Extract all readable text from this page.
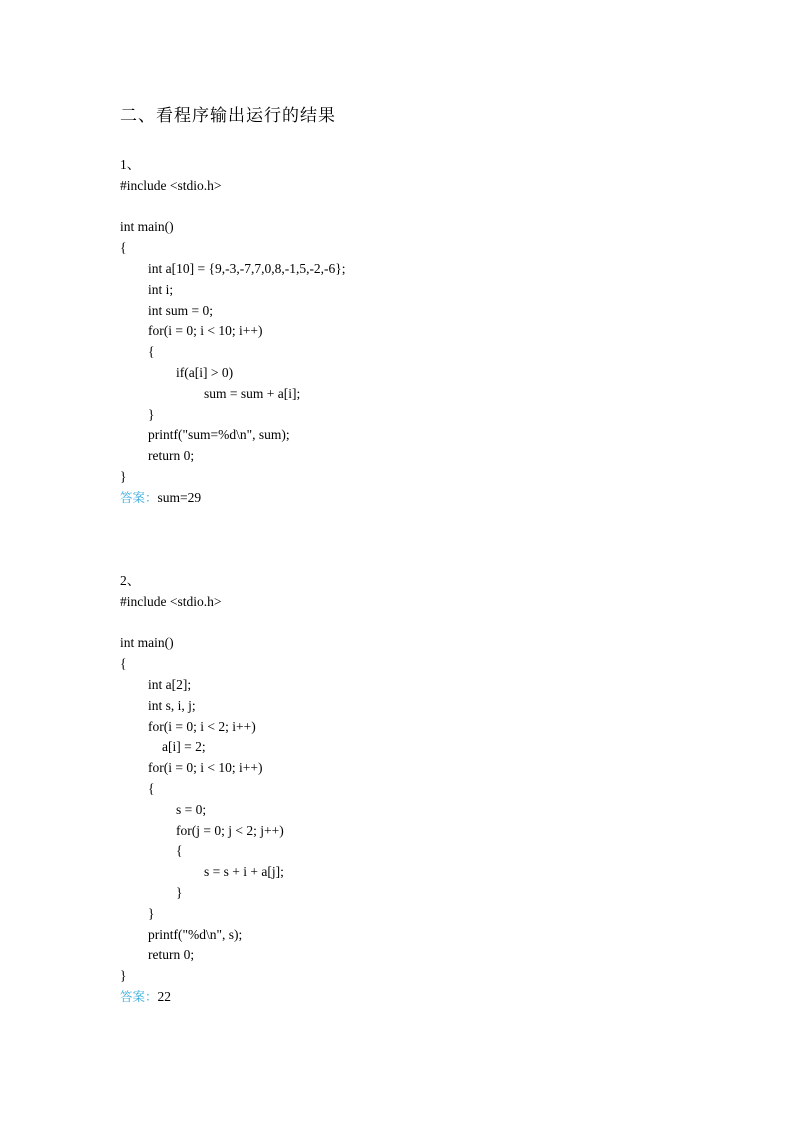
二、看程序输出运行的结果
1、
#include <stdio.h>
int main()
{
int a[10] = {9,-3,-7,7,0,8,-1,5,-2,-6};
int i;
int sum = 0;
for(i = 0; i < 10; i++)
{
if(a[i] > 0)
sum = sum + a[i];
}
printf("sum=%d\n", sum);
return 0;
}
答案：sum=29
2、
#include <stdio.h>
int main()
{
int a[2];
int s, i, j;
for(i = 0; i < 2; i++)
a[i] = 2;
for(i = 0; i < 10; i++)
{
s = 0;
for(j = 0; j < 2; j++)
{
s = s + i + a[j];
}
}
printf("%d\n", s);
return 0;
}
答案：22
